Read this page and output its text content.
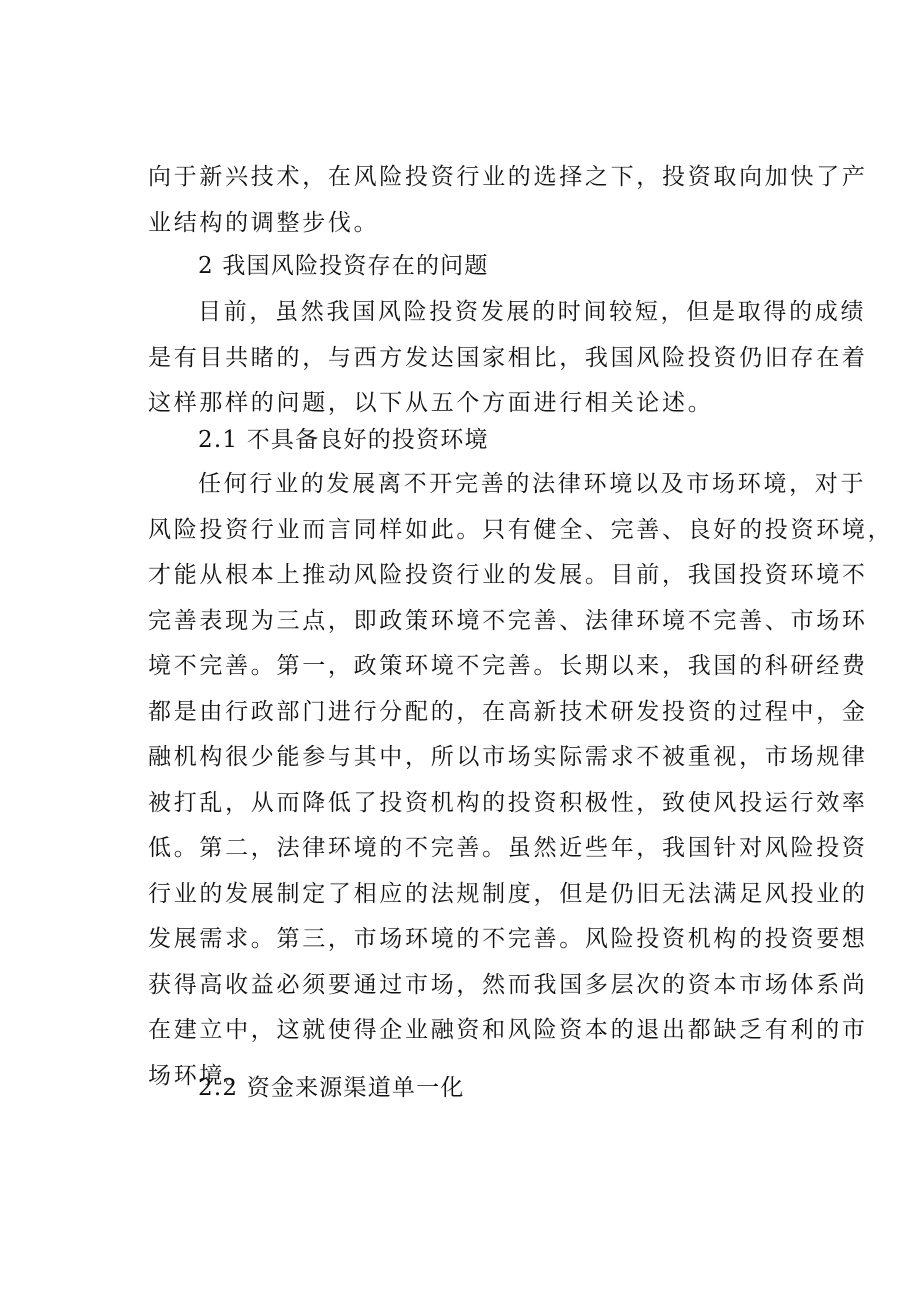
向于新兴技术，在风险投资行业的选择之下，投资取向加快了产
业结构的调整步伐。
2 我国风险投资存在的问题
目前，虽然我国风险投资发展的时间较短，但是取得的成绩
是有目共睹的，与西方发达国家相比，我国风险投资仍旧存在着
这样那样的问题，以下从五个方面进行相关论述。
2.1 不具备良好的投资环境
任何行业的发展离不开完善的法律环境以及市场环境，对于
风险投资行业而言同样如此。只有健全、完善、良好的投资环境，
才能从根本上推动风险投资行业的发展。目前，我国投资环境不
完善表现为三点，即政策环境不完善、法律环境不完善、市场环
境不完善。第一，政策环境不完善。长期以来，我国的科研经费
都是由行政部门进行分配的，在高新技术研发投资的过程中，金
融机构很少能参与其中，所以市场实际需求不被重视，市场规律
被打乱，从而降低了投资机构的投资积极性，致使风投运行效率
低。第二，法律环境的不完善。虽然近些年，我国针对风险投资
行业的发展制定了相应的法规制度，但是仍旧无法满足风投业的
发展需求。第三，市场环境的不完善。风险投资机构的投资要想
获得高收益必须要通过市场，然而我国多层次的资本市场体系尚
在建立中，这就使得企业融资和风险资本的退出都缺乏有利的市
场环境。
2.2 资金来源渠道单一化
